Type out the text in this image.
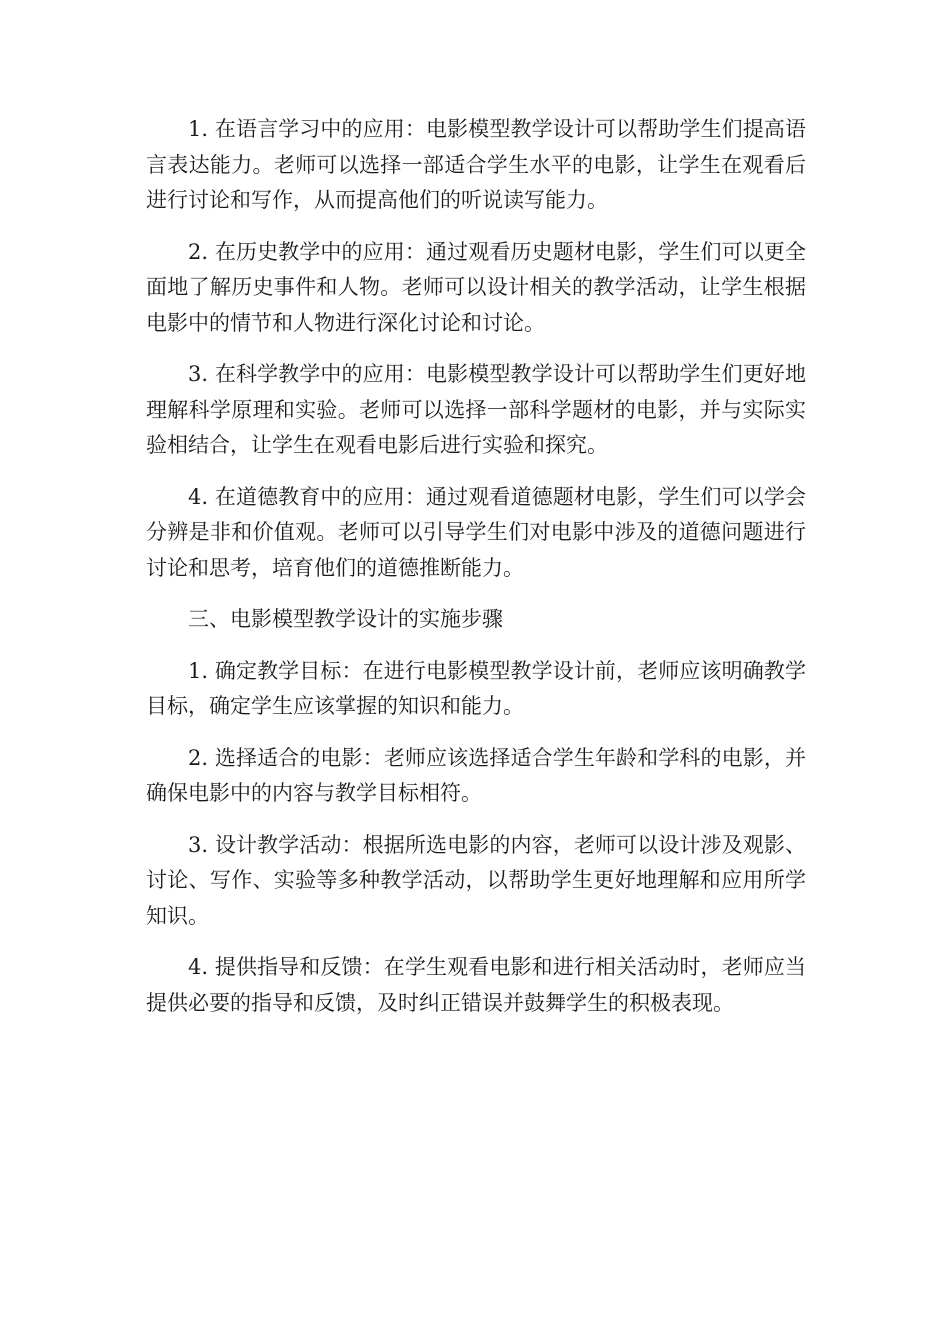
1. 在语言学习中的应用：电影模型教学设计可以帮助学生们提高语言表达能力。老师可以选择一部适合学生水平的电影，让学生在观看后进行讨论和写作，从而提高他们的听说读写能力。

2. 在历史教学中的应用：通过观看历史题材电影，学生们可以更全面地了解历史事件和人物。老师可以设计相关的教学活动，让学生根据电影中的情节和人物进行深化讨论和讨论。

3. 在科学教学中的应用：电影模型教学设计可以帮助学生们更好地理解科学原理和实验。老师可以选择一部科学题材的电影，并与实际实验相结合，让学生在观看电影后进行实验和探究。

4. 在道德教育中的应用：通过观看道德题材电影，学生们可以学会分辨是非和价值观。老师可以引导学生们对电影中涉及的道德问题进行讨论和思考，培育他们的道德推断能力。

三、电影模型教学设计的实施步骤

1. 确定教学目标：在进行电影模型教学设计前，老师应该明确教学目标，确定学生应该掌握的知识和能力。

2. 选择适合的电影：老师应该选择适合学生年龄和学科的电影，并确保电影中的内容与教学目标相符。

3. 设计教学活动：根据所选电影的内容，老师可以设计涉及观影、讨论、写作、实验等多种教学活动，以帮助学生更好地理解和应用所学知识。

4. 提供指导和反馈：在学生观看电影和进行相关活动时，老师应当提供必要的指导和反馈，及时纠正错误并鼓舞学生的积极表现。
